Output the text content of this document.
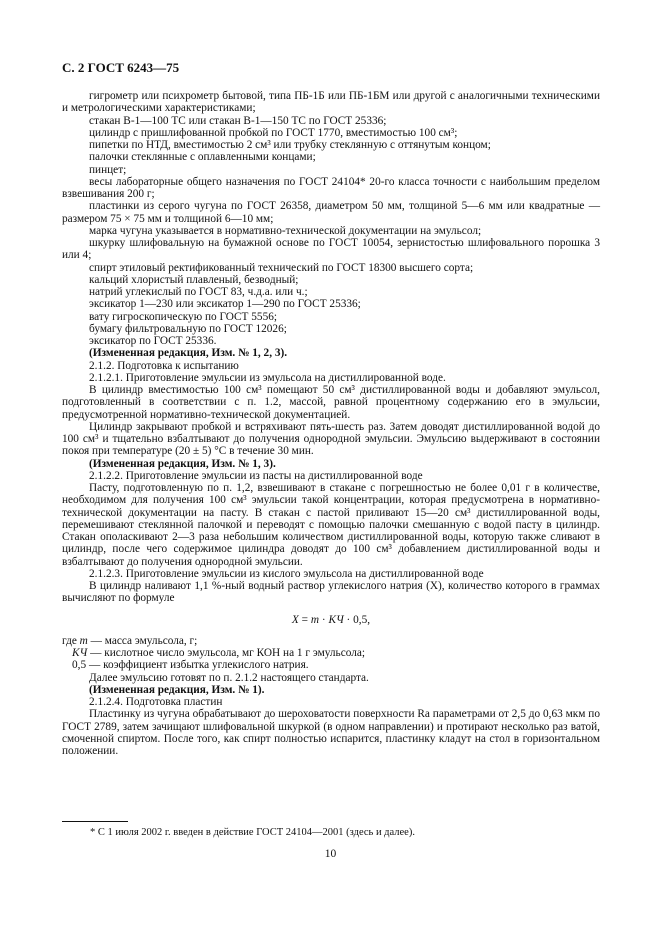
С. 2 ГОСТ 6243—75

гигрометр или психрометр бытовой, типа ПБ-1Б или ПБ-1БМ или другой с аналогичными техническими и метрологическими характеристиками;

стакан В-1—100 ТС или стакан В-1—150 ТС по ГОСТ 25336;

цилиндр с пришлифованной пробкой по ГОСТ 1770, вместимостью 100 см³;

пипетки по НТД, вместимостью 2 см³ или трубку стеклянную с оттянутым концом;

палочки стеклянные с оплавленными концами;

пинцет;

весы лабораторные общего назначения по ГОСТ 24104* 20-го класса точности с наибольшим пределом взвешивания 200 г;

пластинки из серого чугуна по ГОСТ 26358, диаметром 50 мм, толщиной 5—6 мм или квадратные — размером 75 × 75 мм и толщиной 6—10 мм;

марка чугуна указывается в нормативно-технической документации на эмульсол;

шкурку шлифовальную на бумажной основе по ГОСТ 10054, зернистостью шлифовального порошка 3 или 4;

спирт этиловый ректификованный технический по ГОСТ 18300 высшего сорта;

кальций хлористый плавленый, безводный;

натрий углекислый по ГОСТ 83, ч.д.а. или ч.;

эксикатор 1—230 или эксикатор 1—290 по ГОСТ 25336;

вату гигроскопическую по ГОСТ 5556;

бумагу фильтровальную по ГОСТ 12026;

эксикатор по ГОСТ 25336.

(Измененная редакция, Изм. № 1, 2, 3).

2.1.2. Подготовка к испытанию

2.1.2.1. Приготовление эмульсии из эмульсола на дистиллированной воде.

В цилиндр вместимостью 100 см³ помещают 50 см³ дистиллированной воды и добавляют эмульсол, подготовленный в соответствии с п. 1.2, массой, равной процентному содержанию его в эмульсии, предусмотренной нормативно-технической документацией.

Цилиндр закрывают пробкой и встряхивают пять-шесть раз. Затем доводят дистиллированной водой до 100 см³ и тщательно взбалтывают до получения однородной эмульсии. Эмульсию выдерживают в состоянии покоя при температуре (20 ± 5) °С в течение 30 мин.

(Измененная редакция, Изм. № 1, 3).

2.1.2.2. Приготовление эмульсии из пасты на дистиллированной воде

Пасту, подготовленную по п. 1,2, взвешивают в стакане с погрешностью не более 0,01 г в количестве, необходимом для получения 100 см³ эмульсии такой концентрации, которая предусмотрена в нормативно-технической документации на пасту. В стакан с пастой приливают 15—20 см³ дистиллированной воды, перемешивают стеклянной палочкой и переводят с помощью палочки смешанную с водой пасту в цилиндр. Стакан ополаскивают 2—3 раза небольшим количеством дистиллированной воды, которую также сливают в цилиндр, после чего содержимое цилиндра доводят до 100 см³ добавлением дистиллированной воды и взбалтывают до получения однородной эмульсии.

2.1.2.3. Приготовление эмульсии из кислого эмульсола на дистиллированной воде

В цилиндр наливают 1,1 %-ный водный раствор углекислого натрия (X), количество которого в граммах вычисляют по формуле

X = m · КЧ · 0,5,

где m — масса эмульсола, г;

КЧ — кислотное число эмульсола, мг КОН на 1 г эмульсола;

0,5 — коэффициент избытка углекислого натрия.

Далее эмульсию готовят по п. 2.1.2 настоящего стандарта.

(Измененная редакция, Изм. № 1).

2.1.2.4. Подготовка пластин

Пластинку из чугуна обрабатывают до шероховатости поверхности Ra параметрами от 2,5 до 0,63 мкм по ГОСТ 2789, затем зачищают шлифовальной шкуркой (в одном направлении) и протирают несколько раз ватой, смоченной спиртом. После того, как спирт полностью испарится, пластинку кладут на стол в горизонтальном положении.

* С 1 июля 2002 г. введен в действие ГОСТ 24104—2001 (здесь и далее).
10
